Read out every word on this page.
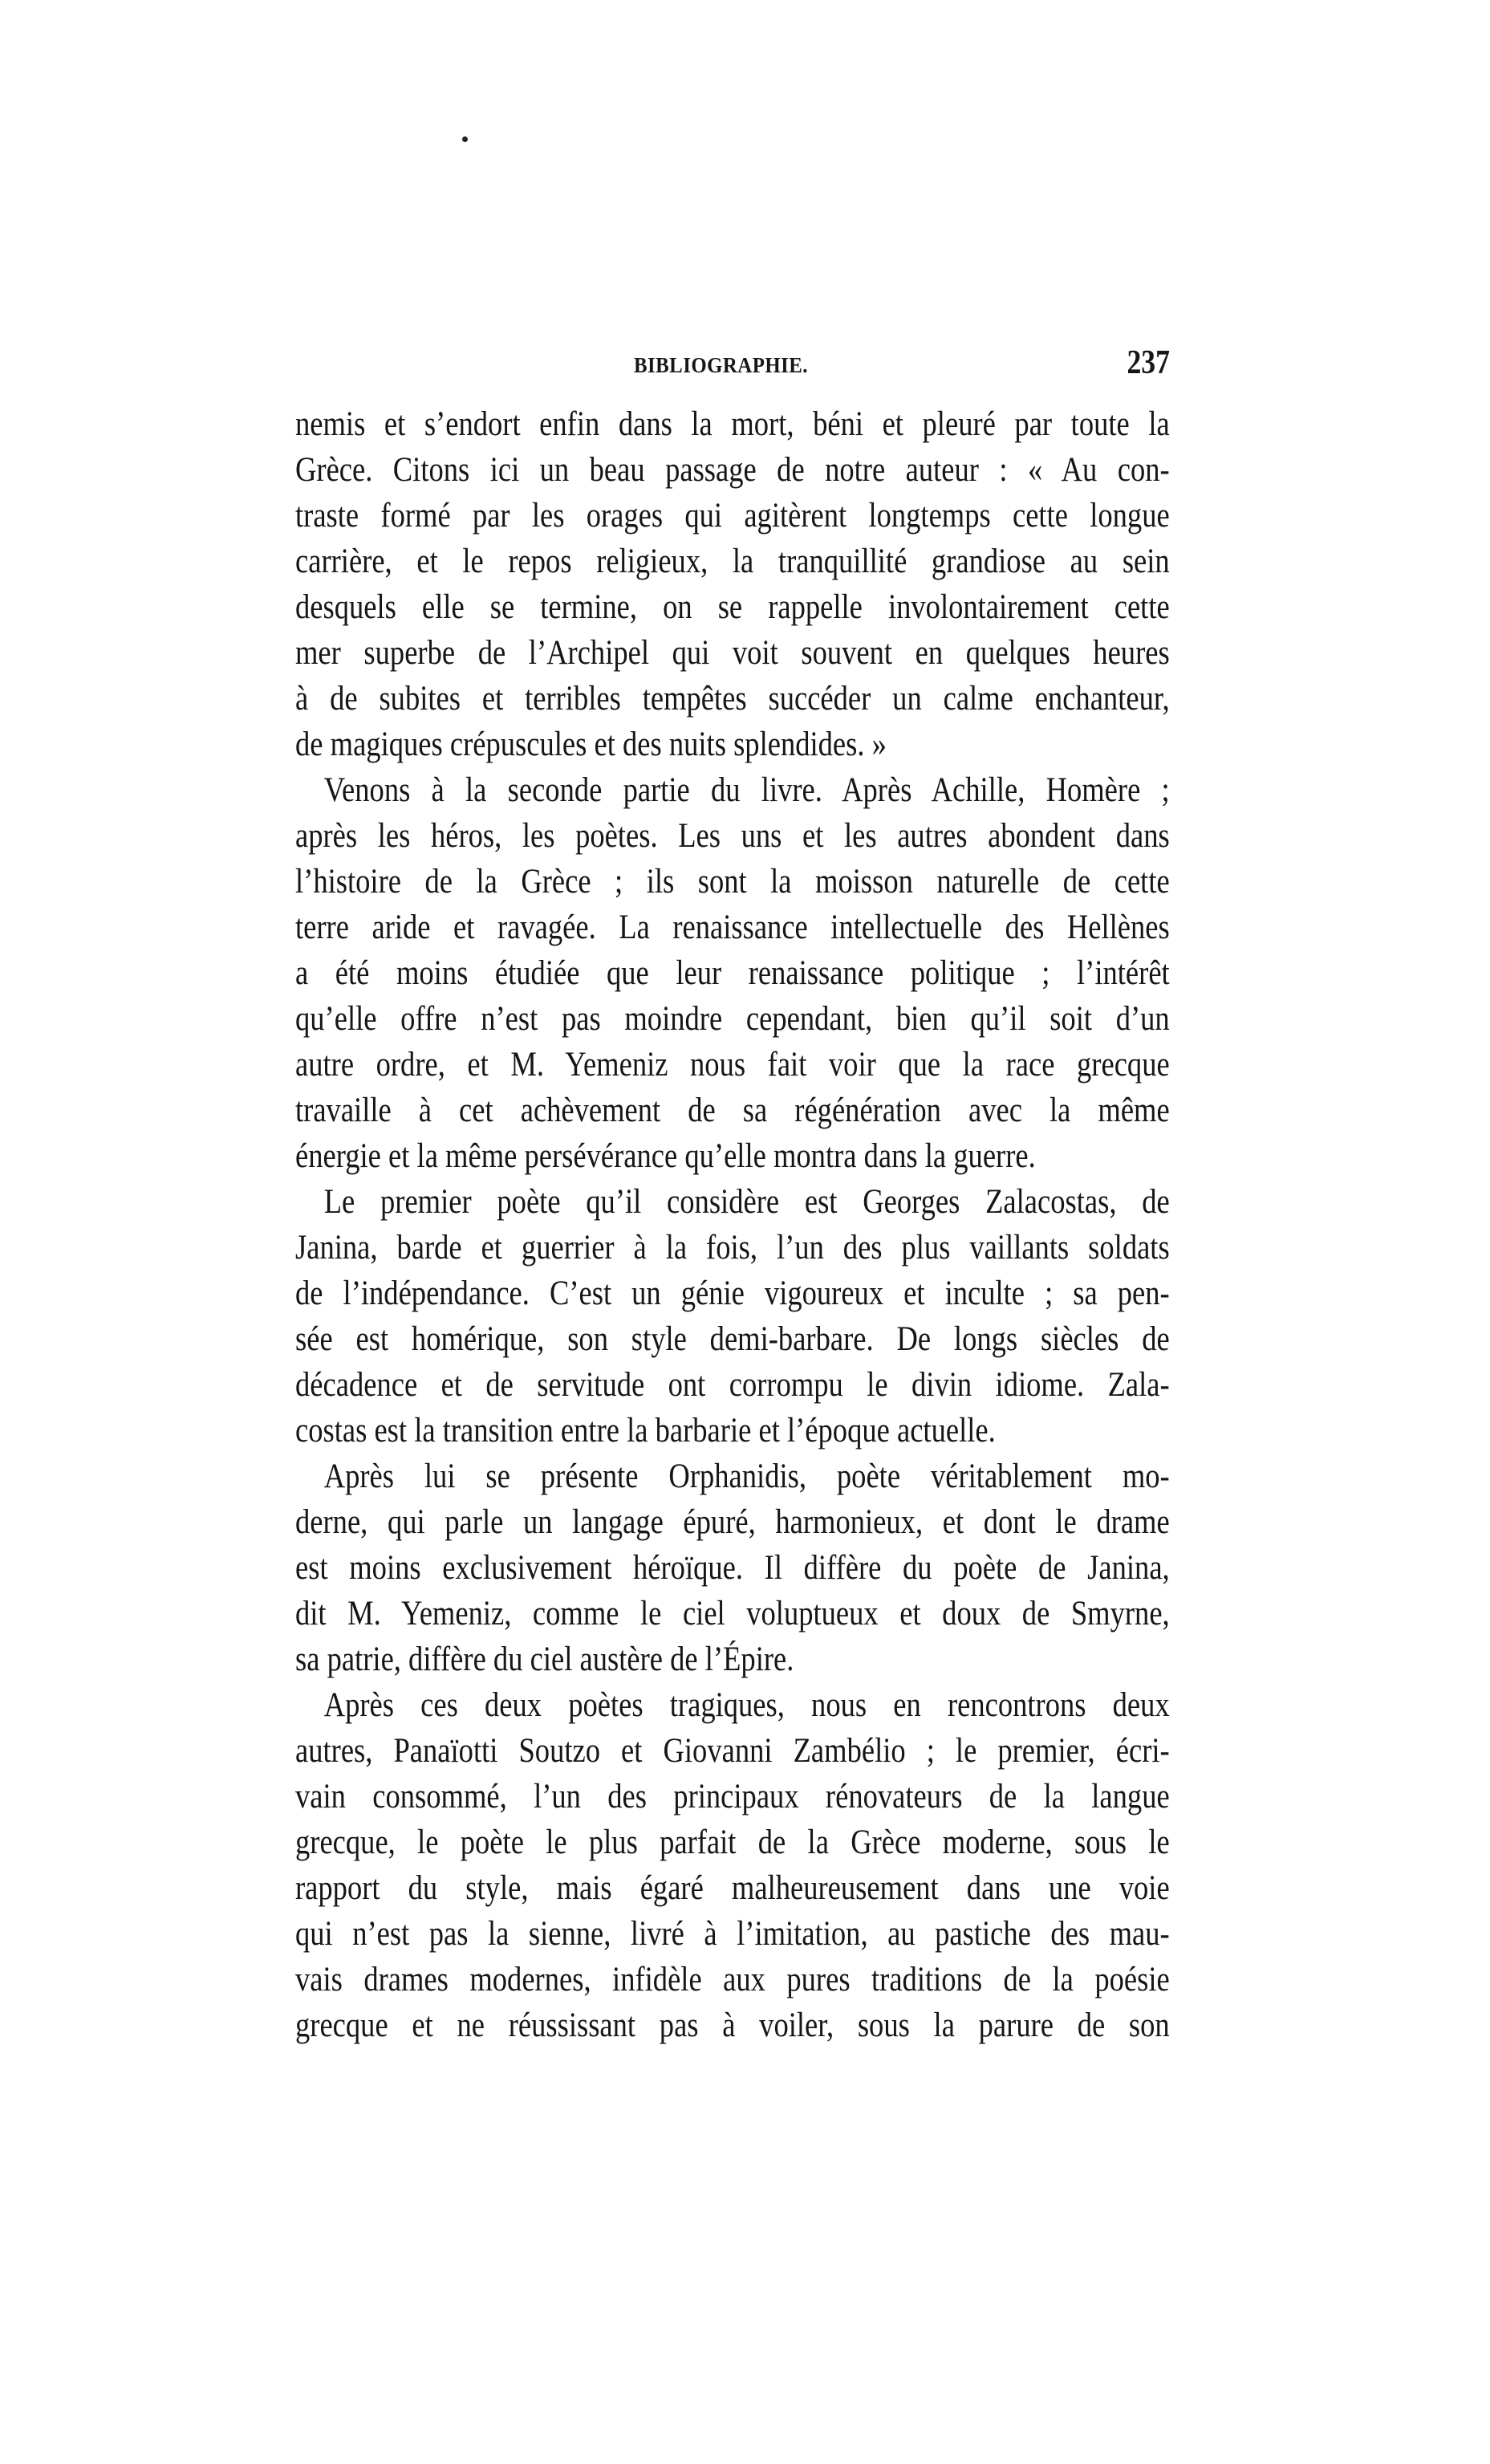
BIBLIOGRAPHIE.	237
nemis et s’endort enfin dans la mort, béni et pleuré par toute la
Grèce. Citons ici un beau passage de notre auteur : « Au con-
traste formé par les orages qui agitèrent longtemps cette longue
carrière, et le repos religieux, la tranquillité grandiose au sein
desquels elle se termine, on se rappelle involontairement cette
mer superbe de l’Archipel qui voit souvent en quelques heures
à de subites et terribles tempêtes succéder un calme enchanteur,
de magiques crépuscules et des nuits splendides. »
Venons à la seconde partie du livre. Après Achille, Homère ;
après les héros, les poètes. Les uns et les autres abondent dans
l’histoire de la Grèce ; ils sont la moisson naturelle de cette
terre aride et ravagée. La renaissance intellectuelle des Hellènes
a été moins étudiée que leur renaissance politique ; l’intérêt
qu’elle offre n’est pas moindre cependant, bien qu’il soit d’un
autre ordre, et M. Yemeniz nous fait voir que la race grecque
travaille à cet achèvement de sa régénération avec la même
énergie et la même persévérance qu’elle montra dans la guerre.
Le premier poète qu’il considère est Georges Zalacostas, de
Janina, barde et guerrier à la fois, l’un des plus vaillants soldats
de l’indépendance. C’est un génie vigoureux et inculte ; sa pen-
sée est homérique, son style demi-barbare. De longs siècles de
décadence et de servitude ont corrompu le divin idiome. Zala-
costas est la transition entre la barbarie et l’époque actuelle.
Après lui se présente Orphanidis, poète véritablement mo-
derne, qui parle un langage épuré, harmonieux, et dont le drame
est moins exclusivement héroïque. Il diffère du poète de Janina,
dit M. Yemeniz, comme le ciel voluptueux et doux de Smyrne,
sa patrie, diffère du ciel austère de l’Épire.
Après ces deux poètes tragiques, nous en rencontrons deux
autres, Panaïotti Soutzo et Giovanni Zambélio ; le premier, écri-
vain consommé, l’un des principaux rénovateurs de la langue
grecque, le poète le plus parfait de la Grèce moderne, sous le
rapport du style, mais égaré malheureusement dans une voie
qui n’est pas la sienne, livré à l’imitation, au pastiche des mau-
vais drames modernes, infidèle aux pures traditions de la poésie
grecque et ne réussissant pas à voiler, sous la parure de son
